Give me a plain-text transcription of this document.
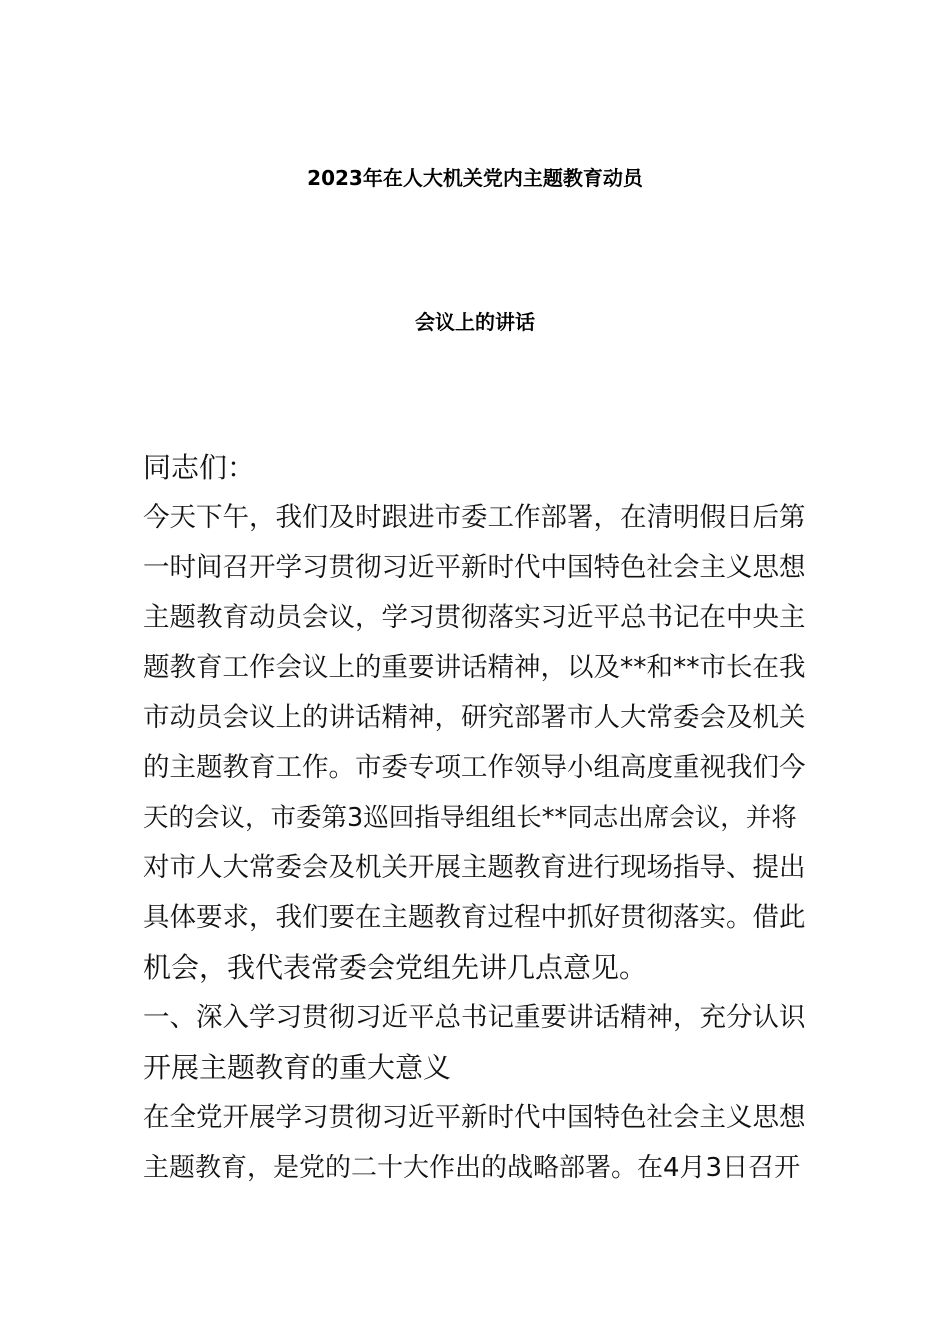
2023年在人大机关党内主题教育动员
会议上的讲话
同志们：
今天下午，我们及时跟进市委工作部署，在清明假日后第
一时间召开学习贯彻习近平新时代中国特色社会主义思想
主题教育动员会议，学习贯彻落实习近平总书记在中央主
题教育工作会议上的重要讲话精神，以及**和**市长在我
市动员会议上的讲话精神，研究部署市人大常委会及机关
的主题教育工作。市委专项工作领导小组高度重视我们今
天的会议，市委第3巡回指导组组长**同志出席会议，并将
对市人大常委会及机关开展主题教育进行现场指导、提出
具体要求，我们要在主题教育过程中抓好贯彻落实。借此
机会，我代表常委会党组先讲几点意见。
一、深入学习贯彻习近平总书记重要讲话精神，充分认识
开展主题教育的重大意义
在全党开展学习贯彻习近平新时代中国特色社会主义思想
主题教育，是党的二十大作出的战略部署。在4月3日召开
